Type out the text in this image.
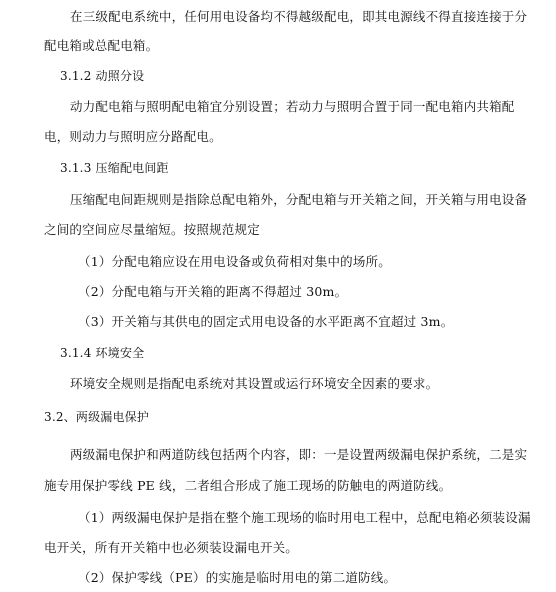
在三级配电系统中，任何用电设备均不得越级配电，即其电源线不得直接连接于分
配电箱或总配电箱。
3.1.2 动照分设
动力配电箱与照明配电箱宜分别设置；若动力与照明合置于同一配电箱内共箱配
电，则动力与照明应分路配电。
3.1.3 压缩配电间距
压缩配电间距规则是指除总配电箱外，分配电箱与开关箱之间，开关箱与用电设备
之间的空间应尽量缩短。按照规范规定
（1）分配电箱应设在用电设备或负荷相对集中的场所。
（2）分配电箱与开关箱的距离不得超过 30m。
（3）开关箱与其供电的固定式用电设备的水平距离不宜超过 3m。
3.1.4 环境安全
环境安全规则是指配电系统对其设置或运行环境安全因素的要求。
3.2、两级漏电保护
两级漏电保护和两道防线包括两个内容，即：一是设置两级漏电保护系统，二是实
施专用保护零线 PE 线，二者组合形成了施工现场的防触电的两道防线。
（1）两级漏电保护是指在整个施工现场的临时用电工程中，总配电箱必须装设漏
电开关，所有开关箱中也必须装设漏电开关。
（2）保护零线（PE）的实施是临时用电的第二道防线。
